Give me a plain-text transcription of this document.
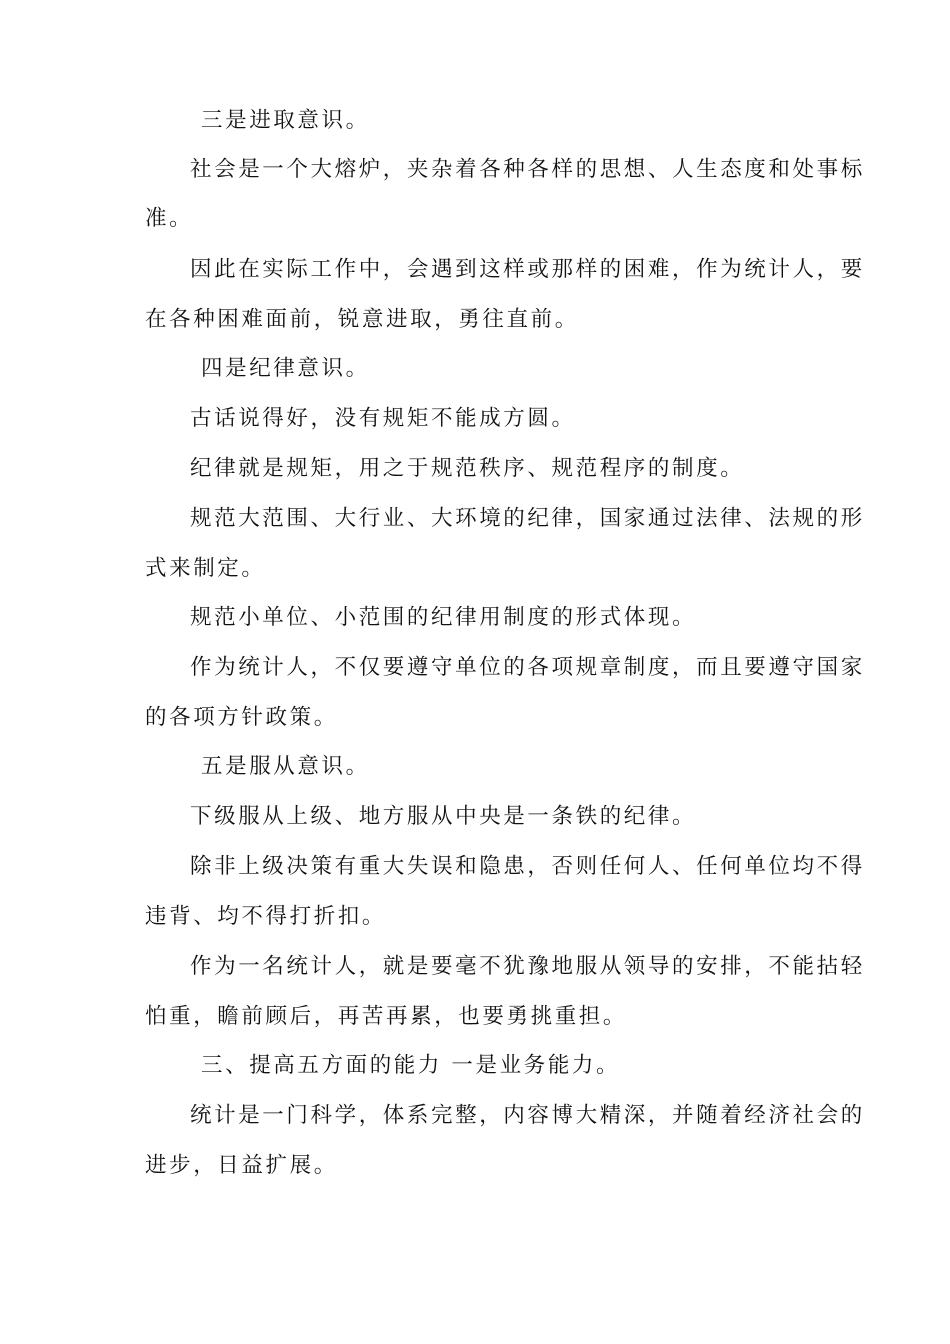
三是进取意识。
社会是一个大熔炉，夹杂着各种各样的思想、人生态度和处事标
准。
因此在实际工作中，会遇到这样或那样的困难，作为统计人，要
在各种困难面前，锐意进取，勇往直前。
四是纪律意识。
古话说得好，没有规矩不能成方圆。
纪律就是规矩，用之于规范秩序、规范程序的制度。
规范大范围、大行业、大环境的纪律，国家通过法律、法规的形
式来制定。
规范小单位、小范围的纪律用制度的形式体现。
作为统计人，不仅要遵守单位的各项规章制度，而且要遵守国家
的各项方针政策。
五是服从意识。
下级服从上级、地方服从中央是一条铁的纪律。
除非上级决策有重大失误和隐患，否则任何人、任何单位均不得
违背、均不得打折扣。
作为一名统计人，就是要毫不犹豫地服从领导的安排，不能拈轻
怕重，瞻前顾后，再苦再累，也要勇挑重担。
三、提高五方面的能力 一是业务能力。
统计是一门科学，体系完整，内容博大精深，并随着经济社会的
进步，日益扩展。
